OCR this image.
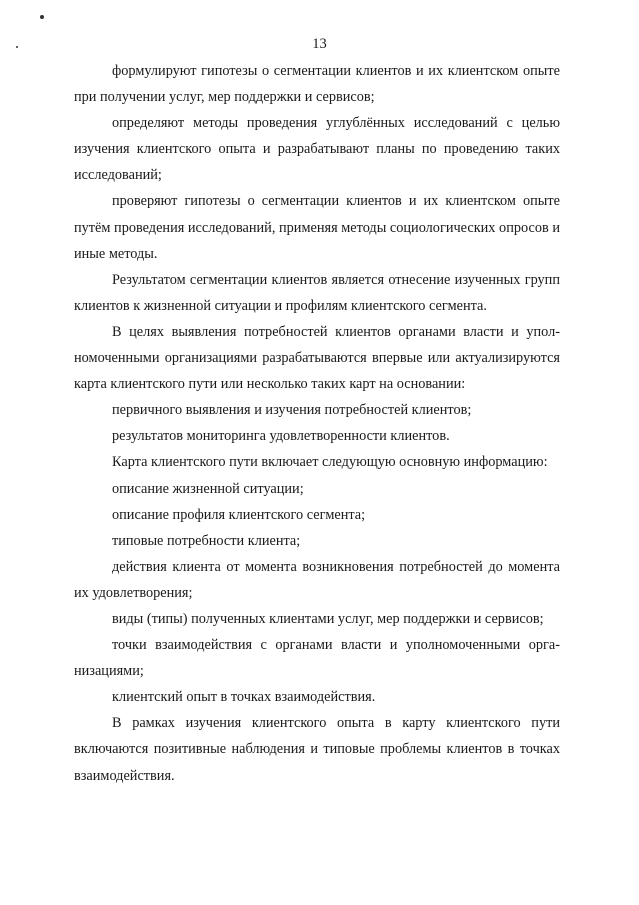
13

формулируют гипотезы о сегментации клиентов и их клиентском опыте при получении услуг, мер поддержки и сервисов;

определяют методы проведения углублённых исследований с целью изучения клиентского опыта и разрабатывают планы по проведению таких исследований;

проверяют гипотезы о сегментации клиентов и их клиентском опыте путём проведения исследований, применяя методы социологических опросов и иные методы.

Результатом сегментации клиентов является отнесение изученных групп клиентов к жизненной ситуации и профилям клиентского сегмента.

В целях выявления потребностей клиентов органами власти и уполномоченными организациями разрабатываются впервые или актуализируются карта клиентского пути или несколько таких карт на основании:

первичного выявления и изучения потребностей клиентов;

результатов мониторинга удовлетворенности клиентов.

Карта клиентского пути включает следующую основную информацию:

описание жизненной ситуации;

описание профиля клиентского сегмента;

типовые потребности клиента;

действия клиента от момента возникновения потребностей до момента их удовлетворения;

виды (типы) полученных клиентами услуг, мер поддержки и сервисов;

точки взаимодействия с органами власти и уполномоченными организациями;

клиентский опыт в точках взаимодействия.

В рамках изучения клиентского опыта в карту клиентского пути включаются позитивные наблюдения и типовые проблемы клиентов в точках взаимодействия.
